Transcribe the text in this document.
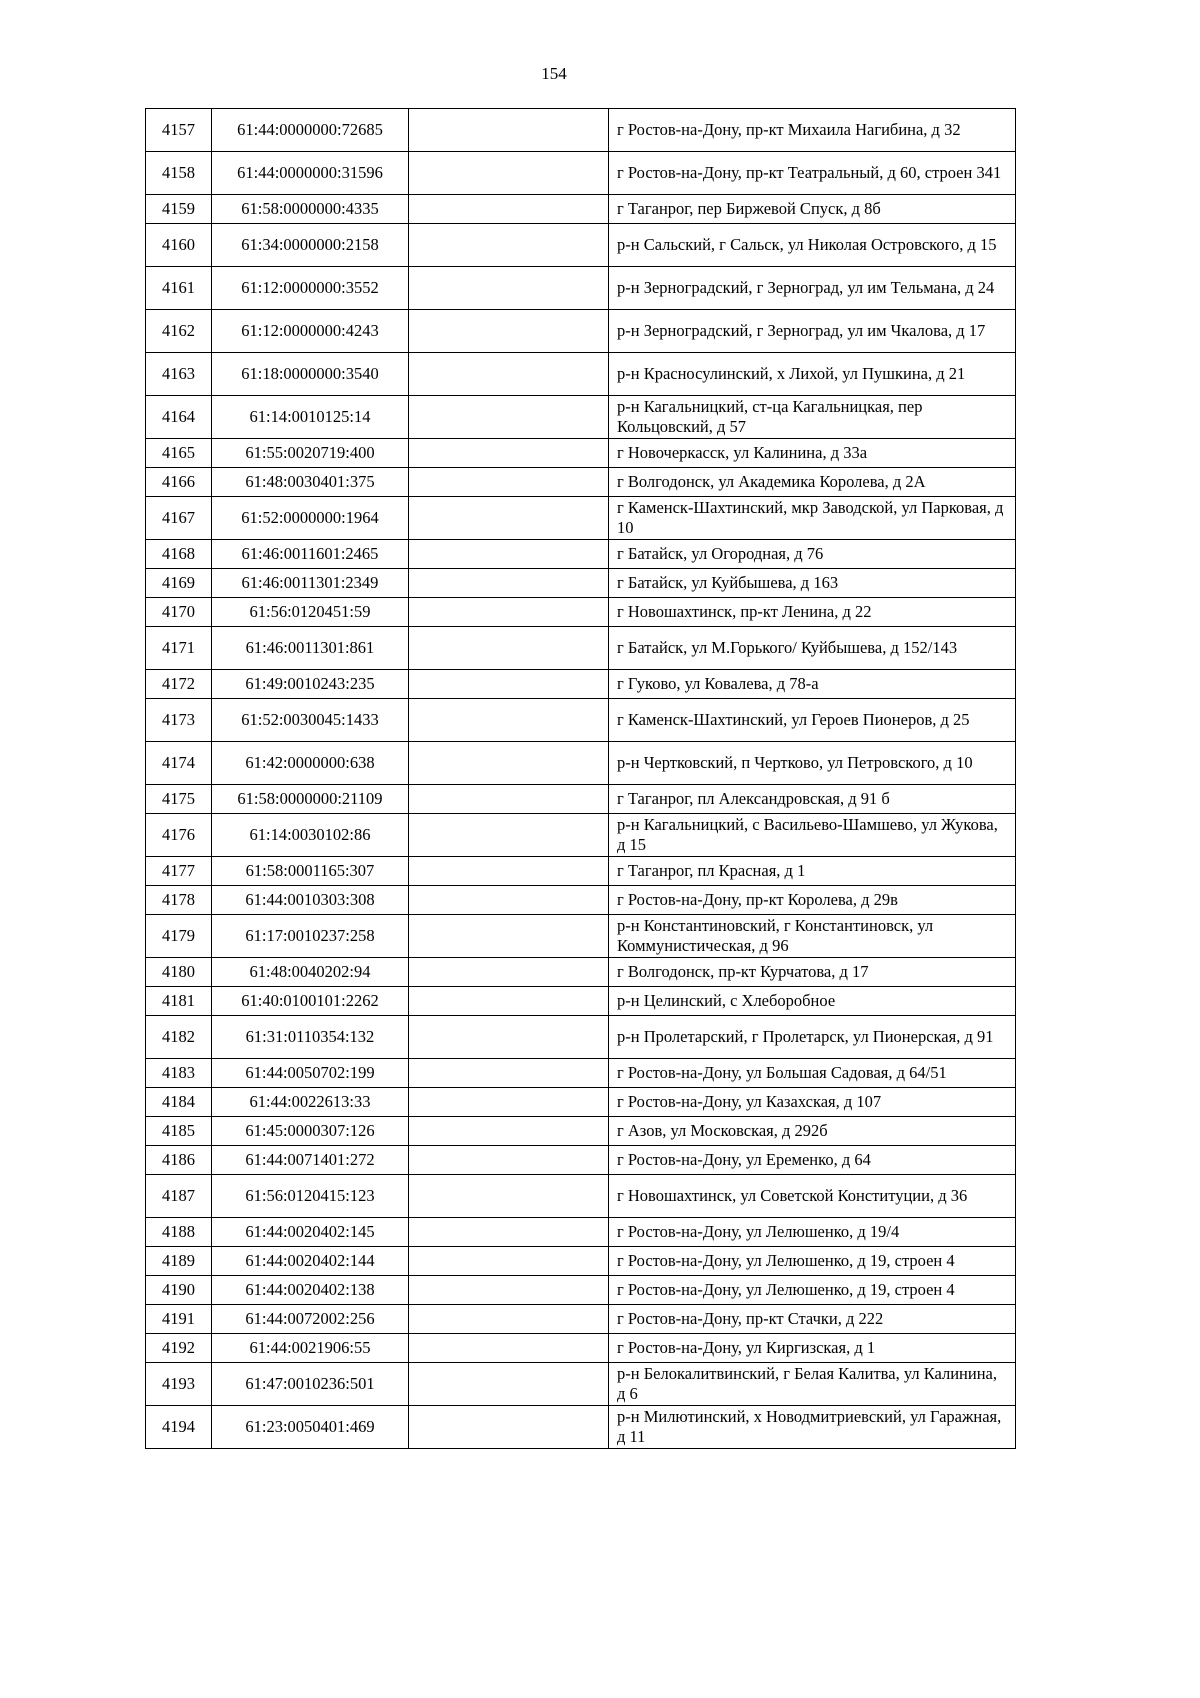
154
4157	61:44:0000000:72685		г Ростов-на-Дону, пр-кт Михаила Нагибина, д 32
4158	61:44:0000000:31596		г Ростов-на-Дону, пр-кт Театральный, д 60, строен 341
4159	61:58:0000000:4335		г Таганрог, пер Биржевой Спуск, д 8б
4160	61:34:0000000:2158		р-н Сальский, г Сальск, ул Николая Островского, д 15
4161	61:12:0000000:3552		р-н Зерноградский, г Зерноград, ул им Тельмана, д 24
4162	61:12:0000000:4243		р-н Зерноградский, г Зерноград, ул им Чкалова, д 17
4163	61:18:0000000:3540		р-н Красносулинский, х Лихой, ул Пушкина, д 21
4164	61:14:0010125:14		р-н Кагальницкий, ст-ца Кагальницкая, пер Кольцовский, д 57
4165	61:55:0020719:400		г Новочеркасск, ул Калинина, д 33а
4166	61:48:0030401:375		г Волгодонск, ул Академика Королева, д 2А
4167	61:52:0000000:1964		г Каменск-Шахтинский, мкр Заводской, ул Парковая, д 10
4168	61:46:0011601:2465		г Батайск, ул Огородная, д 76
4169	61:46:0011301:2349		г Батайск, ул Куйбышева, д 163
4170	61:56:0120451:59		г Новошахтинск, пр-кт Ленина, д 22
4171	61:46:0011301:861		г Батайск, ул М.Горького/ Куйбышева, д 152/143
4172	61:49:0010243:235		г Гуково, ул Ковалева, д 78-а
4173	61:52:0030045:1433		г Каменск-Шахтинский, ул Героев Пионеров, д 25
4174	61:42:0000000:638		р-н Чертковский, п Чертково, ул Петровского, д 10
4175	61:58:0000000:21109		г Таганрог, пл Александровская, д 91 б
4176	61:14:0030102:86		р-н Кагальницкий, с Васильево-Шамшево, ул Жукова, д 15
4177	61:58:0001165:307		г Таганрог, пл Красная, д 1
4178	61:44:0010303:308		г Ростов-на-Дону, пр-кт Королева, д 29в
4179	61:17:0010237:258		р-н Константиновский, г Константиновск, ул Коммунистическая, д 96
4180	61:48:0040202:94		г Волгодонск, пр-кт Курчатова, д 17
4181	61:40:0100101:2262		р-н Целинский, с Хлеборобное
4182	61:31:0110354:132		р-н Пролетарский, г Пролетарск, ул Пионерская, д 91
4183	61:44:0050702:199		г Ростов-на-Дону, ул Большая Садовая, д 64/51
4184	61:44:0022613:33		г Ростов-на-Дону, ул Казахская, д 107
4185	61:45:0000307:126		г Азов, ул Московская, д 292б
4186	61:44:0071401:272		г Ростов-на-Дону, ул Еременко, д 64
4187	61:56:0120415:123		г Новошахтинск, ул Советской Конституции, д 36
4188	61:44:0020402:145		г Ростов-на-Дону, ул Лелюшенко, д 19/4
4189	61:44:0020402:144		г Ростов-на-Дону, ул Лелюшенко, д 19, строен 4
4190	61:44:0020402:138		г Ростов-на-Дону, ул Лелюшенко, д 19, строен 4
4191	61:44:0072002:256		г Ростов-на-Дону, пр-кт Стачки, д 222
4192	61:44:0021906:55		г Ростов-на-Дону, ул Киргизская, д 1
4193	61:47:0010236:501		р-н Белокалитвинский, г Белая Калитва, ул Калинина, д 6
4194	61:23:0050401:469		р-н Милютинский, х Новодмитриевский, ул Гаражная, д 11
